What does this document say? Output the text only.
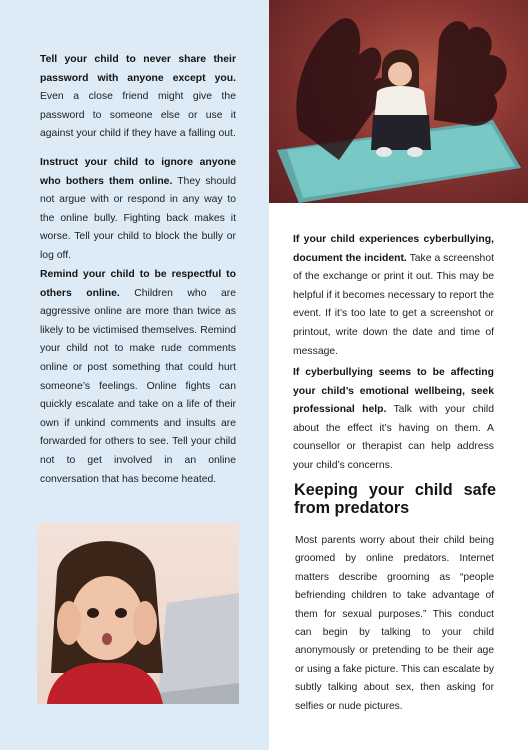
Tell your child to never share their password with anyone except you. Even a close friend might give the password to someone else or use it against your child if they have a falling out.

Instruct your child to ignore anyone who bothers them online. They should not argue with or respond in any way to the online bully. Fighting back makes it worse. Tell your child to block the bully or log off.

Remind your child to be respectful to others online. Children who are aggressive online are more than twice as likely to be victimised themselves. Remind your child not to make rude comments online or post something that could hurt someone’s feelings. Online fights can quickly escalate and take on a life of their own if unkind comments and insults are forwarded for others to see. Tell your child not to get involved in an online conversation that has become heated.

If your child experiences cyberbullying, document the incident. Take a screenshot of the exchange or print it out. This may be helpful if it becomes necessary to report the event. If it’s too late to get a screenshot or printout, write down the date and time of message.

If cyberbullying seems to be affecting your child’s emotional wellbeing, seek professional help. Talk with your child about the effect it’s having on them. A counsellor or therapist can help address your child’s concerns.

Keeping your child safe from predators

Most parents worry about their child being groomed by online predators. Internet matters describe grooming as “people befriending children to take advantage of them for sexual purposes.” This conduct can begin by talking to your child anonymously or pretending to be their age or using a fake picture. This can escalate by subtly talking about sex, then asking for selfies or nude pictures.
